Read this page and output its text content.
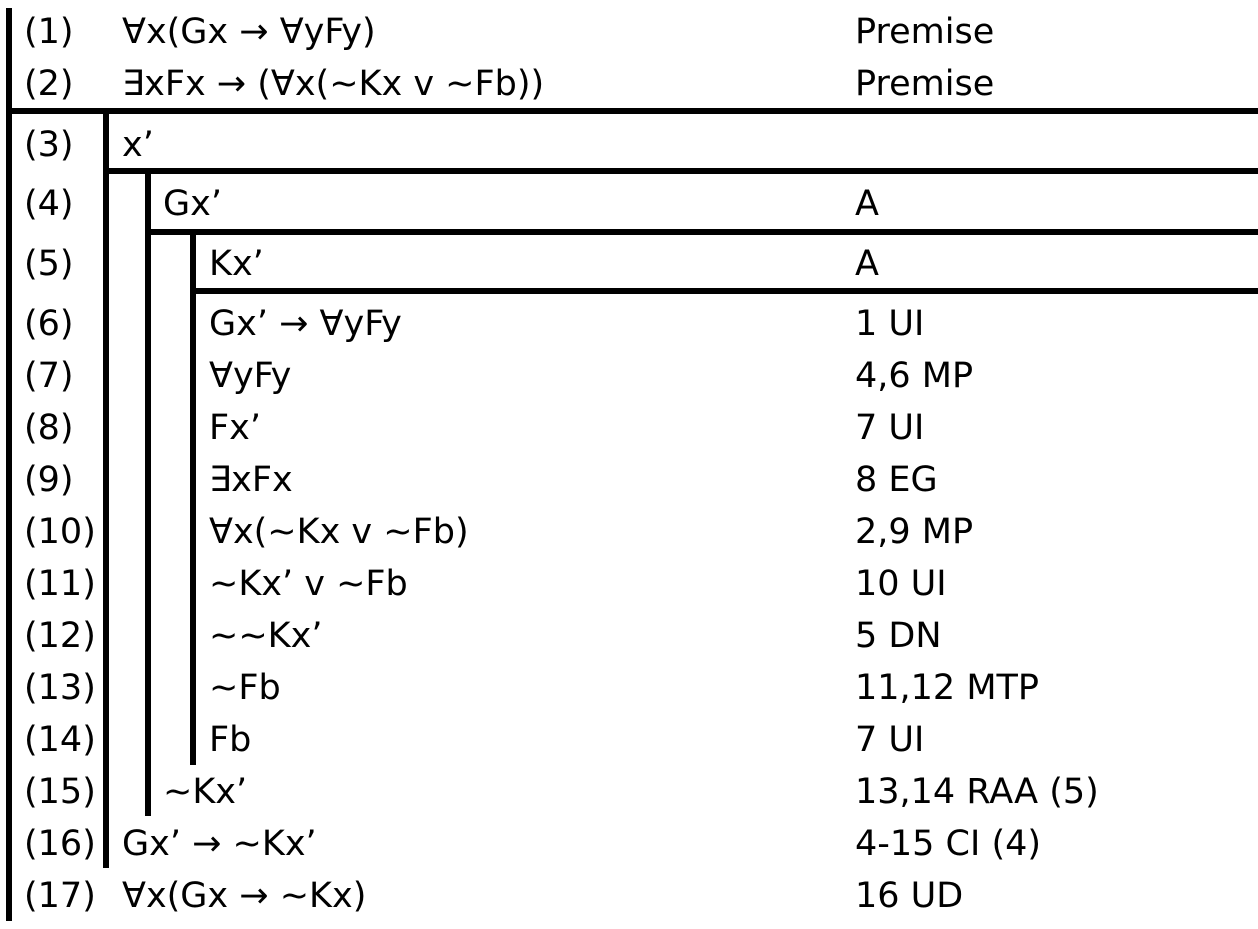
(1) ∀x(Gx → ∀yFy)	Premise
(2) ∃xFx → (∀x(~Kx v ~Fb))	Premise
(3) x’
(4)	Gx’	A
(5)	Kx’	A
(6)	Gx’ → ∀yFy	1 UI
(7)	∀yFy	4,6 MP
(8)	Fx’	7 UI
(9)	∃xFx	8 EG
(10)	∀x(~Kx v ~Fb)	2,9 MP
(11)	~Kx’ v ~Fb	10 UI
(12)	~~Kx’	5 DN
(13)	~Fb	11,12 MTP
(14)	Fb	7 UI
(15) ~Kx’	13,14 RAA (5)
(16) Gx’ → ~Kx’	4-15 CI (4)
(17) ∀x(Gx → ~Kx)	16 UD
